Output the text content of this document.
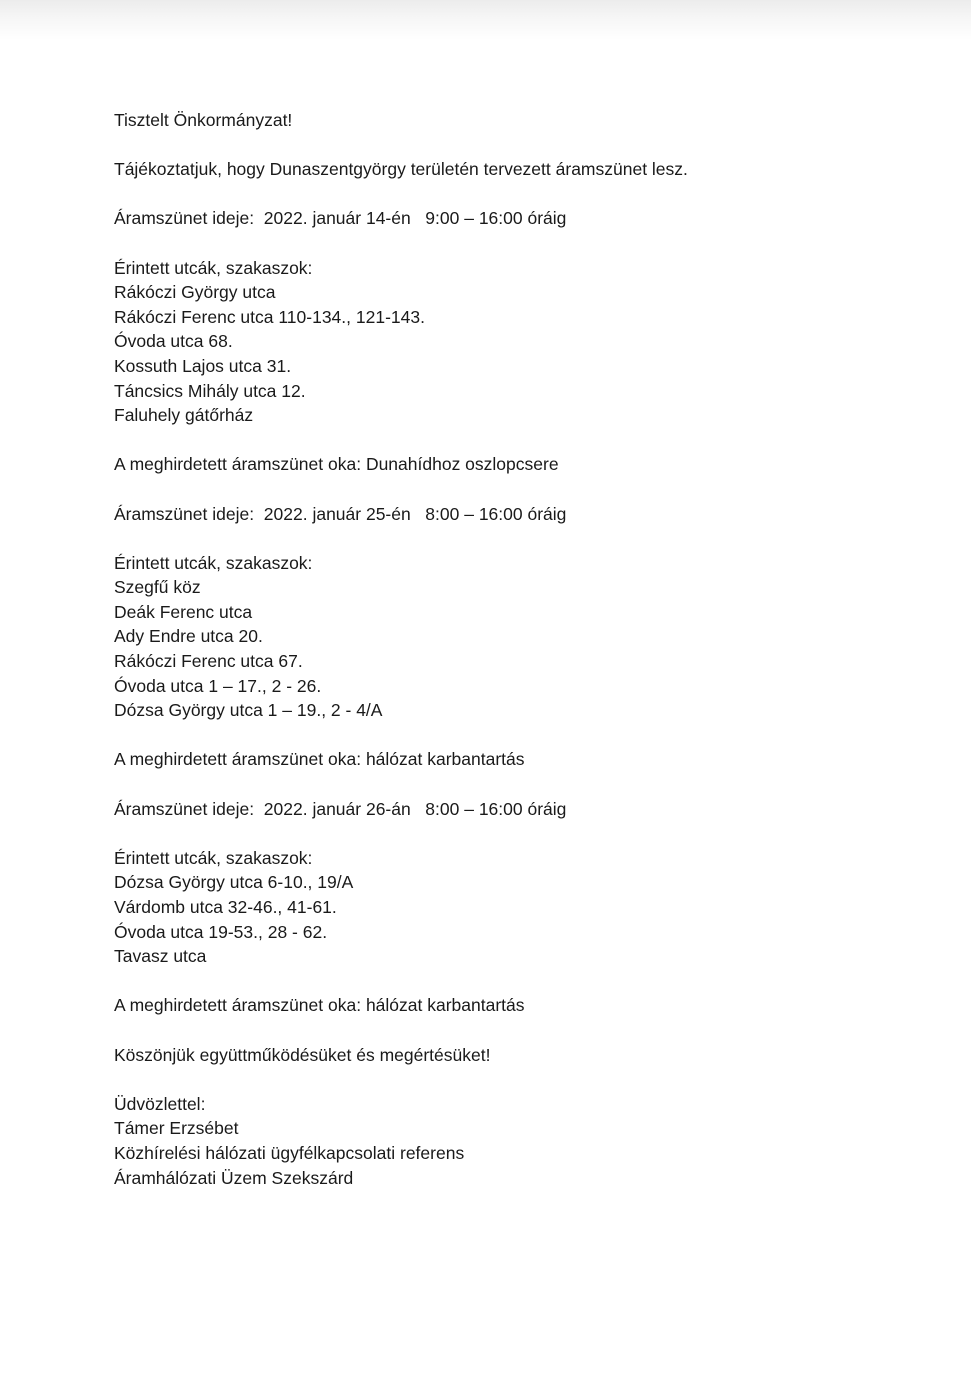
Tisztelt Önkormányzat!
Tájékoztatjuk, hogy Dunaszentgyörgy területén tervezett áramszünet lesz.
Áramszünet ideje:  2022. január 14-én   9:00 – 16:00 óráig
Érintett utcák, szakaszok:
Rákóczi György utca
Rákóczi Ferenc utca 110-134., 121-143.
Óvoda utca 68.
Kossuth Lajos utca 31.
Táncsics Mihály utca 12.
Faluhely gátőrház
A meghirdetett áramszünet oka: Dunahídhoz oszlopcsere
Áramszünet ideje:  2022. január 25-én   8:00 – 16:00 óráig
Érintett utcák, szakaszok:
Szegfű köz
Deák Ferenc utca
Ady Endre utca 20.
Rákóczi Ferenc utca 67.
Óvoda utca 1 – 17., 2 - 26.
Dózsa György utca 1 – 19., 2 - 4/A
A meghirdetett áramszünet oka: hálózat karbantartás
Áramszünet ideje:  2022. január 26-án   8:00 – 16:00 óráig
Érintett utcák, szakaszok:
Dózsa György utca 6-10., 19/A
Várdomb utca 32-46., 41-61.
Óvoda utca 19-53., 28 - 62.
Tavasz utca
A meghirdetett áramszünet oka: hálózat karbantartás
Köszönjük együttműködésüket és megértésüket!
Üdvözlettel:
Támer Erzsébet
Közhírelési hálózati ügyfélkapcsolati referens
Áramhálózati Üzem Szekszárd
